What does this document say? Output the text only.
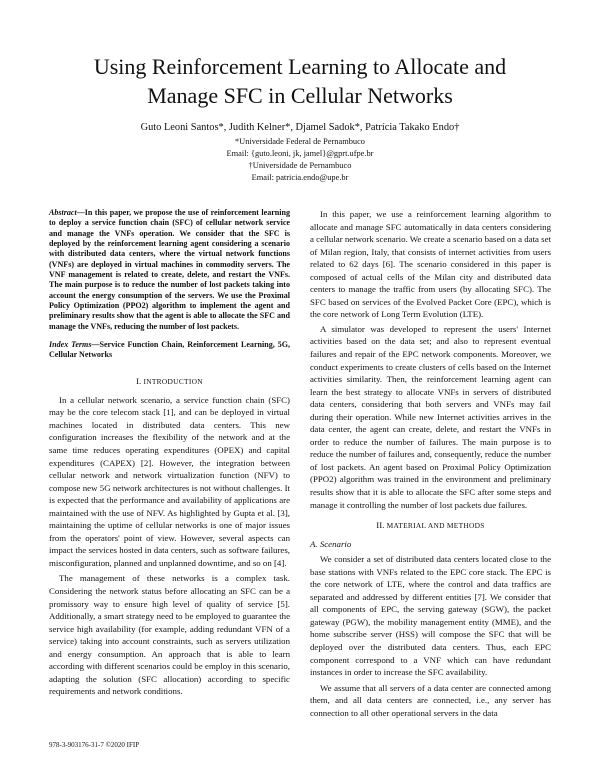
Using Reinforcement Learning to Allocate and
Manage SFC in Cellular Networks
Guto Leoni Santos*, Judith Kelner*, Djamel Sadok*, Patrícia Takako Endo†
*Universidade Federal de Pernambuco
Email: {guto.leoni, jk, jamel}@gprt.ufpe.br
†Universidade de Pernambuco
Email: patricia.endo@upe.br

Abstract—In this paper, we propose the use of reinforcement learning to deploy a service function chain (SFC) of cellular network service and manage the VNFs operation. We consider that the SFC is deployed by the reinforcement learning agent considering a scenario with distributed data centers, where the virtual network functions (VNFs) are deployed in virtual machines in commodity servers. The VNF management is related to create, delete, and restart the VNFs. The main purpose is to reduce the number of lost packets taking into account the energy consumption of the servers. We use the Proximal Policy Optimization (PPO2) algorithm to implement the agent and preliminary results show that the agent is able to allocate the SFC and manage the VNFs, reducing the number of lost packets.

Index Terms—Service Function Chain, Reinforcement Learning, 5G, Cellular Networks

I. INTRODUCTION

In a cellular network scenario, a service function chain (SFC) may be the core telecom stack [1], and can be deployed in virtual machines located in distributed data centers. This new configuration increases the flexibility of the network and at the same time reduces operating expenditures (OPEX) and capital expenditures (CAPEX) [2]. However, the integration between cellular network and network virtualization function (NFV) to compose new 5G network architectures is not without challenges. It is expected that the performance and availability of applications are maintained with the use of NFV. As highlighted by Gupta et al. [3], maintaining the uptime of cellular networks is one of major issues from the operators' point of view. However, several aspects can impact the services hosted in data centers, such as software failures, misconfiguration, planned and unplanned downtime, and so on [4].

The management of these networks is a complex task. Considering the network status before allocating an SFC can be a promissory way to ensure high level of quality of service [5]. Additionally, a smart strategy need to be employed to guarantee the service high availability (for example, adding redundant VFN of a service) taking into account constraints, such as servers utilization and energy consumption. An approach that is able to learn according with different scenarios could be employ in this scenario, adapting the solution (SFC allocation) according to specific requirements and network conditions.

In this paper, we use a reinforcement learning algorithm to allocate and manage SFC automatically in data centers considering a cellular network scenario. We create a scenario based on a data set of Milan region, Italy, that consists of internet activities from users related to 62 days [6]. The scenario considered in this paper is composed of actual cells of the Milan city and distributed data centers to manage the traffic from users (by allocating SFC). The SFC based on services of the Evolved Packet Core (EPC), which is the core network of Long Term Evolution (LTE).

A simulator was developed to represent the users' Internet activities based on the data set; and also to represent eventual failures and repair of the EPC network components. Moreover, we conduct experiments to create clusters of cells based on the Internet activities similarity. Then, the reinforcement learning agent can learn the best strategy to allocate VNFs in servers of distributed data centers, considering that both servers and VNFs may fail during their operation. While new Internet activities arrives in the data center, the agent can create, delete, and restart the VNFs in order to reduce the number of failures. The main purpose is to reduce the number of failures and, consequently, reduce the number of lost packets. An agent based on Proximal Policy Optimization (PPO2) algorithm was trained in the environment and preliminary results show that it is able to allocate the SFC after some steps and manage it controlling the number of lost packets due failures.

II. MATERIAL AND METHODS
A. Scenario

We consider a set of distributed data centers located close to the base stations with VNFs related to the EPC core stack. The EPC is the core network of LTE, where the control and data traffics are separated and addressed by different entities [7]. We consider that all components of EPC, the serving gateway (SGW), the packet gateway (PGW), the mobility management entity (MME), and the home subscribe server (HSS) will compose the SFC that will be deployed over the distributed data centers. Thus, each EPC component correspond to a VNF which can have redundant instances in order to increase the SFC availability.

We assume that all servers of a data center are connected among them, and all data centers are connected, i.e., any server has connection to all other operational servers in the data

978-3-903176-31-7 ©2020 IFIP
